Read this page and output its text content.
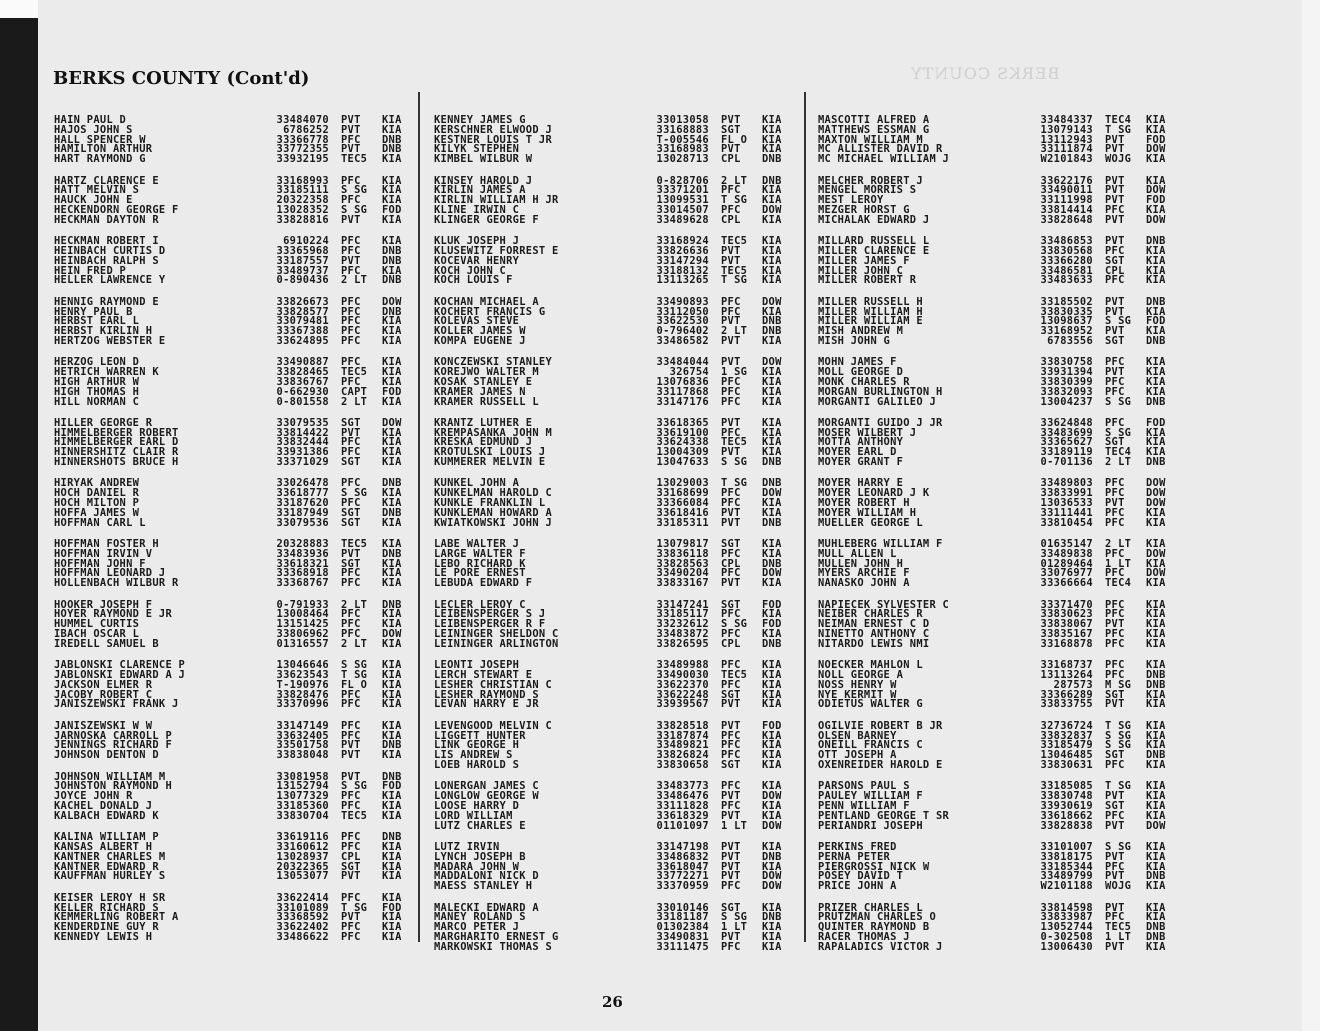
BERKS COUNTY (Cont'd)	BERKS COUNTY
HAIN PAUL D	33484070 PVT KIA
HAJOS JOHN S	6786252 PVT KIA
HALL SPENCER W	33366778 PFC DNB
HAMILTON ARTHUR	33772355 PVT DNB
HART RAYMOND G	33932195 TEC5 KIA
HARTZ CLARENCE E	33168993 PFC KIA
HATT MELVIN S	33185111 S SG KIA
HAUCK JOHN E	20322358 PFC KIA
HECKENDORN GEORGE F	13028352 S SG FOD
HECKMAN DAYTON R	33828816 PVT KIA
HECKMAN ROBERT I	6910224 PFC KIA
HEINBACH CURTIS D	33365968 PFC DNB
HEINBACH RALPH S	33187557 PVT DNB
HEIN FRED P	33489737 PFC KIA
HELLER LAWRENCE Y	0-890436 2 LT DNB
HENNIG RAYMOND E	33826673 PFC DOW
HENRY PAUL B	33828577 PFC DNB
HERBST EARL L	33079481 PFC KIA
HERBST KIRLIN H	33367388 PFC KIA
HERTZOG WEBSTER E	33624895 PFC KIA
HERZOG LEON D	33490887 PFC KIA
HETRICH WARREN K	33828465 TEC5 KIA
HIGH ARTHUR W	33836767 PFC KIA
HIGH THOMAS H	0-662930 CAPT FOD
HILL NORMAN C	0-801558 2 LT KIA
HILLER GEORGE R	33079535 SGT DOW
HIMMELBERGER ROBERT	33814422 PVT KIA
HIMMELBERGER EARL D	33832444 PFC KIA
HINNERSHITZ CLAIR R	33931386 PFC KIA
HINNERSHOTS BRUCE H	33371029 SGT KIA
HIRYAK ANDREW	33026478 PFC DNB
HOCH DANIEL R	33618777 S SG KIA
HOCH MILTON P	33187620 PFC KIA
HOFFA JAMES W	33187949 SGT DNB
HOFFMAN CARL L	33079536 SGT KIA
HOFFMAN FOSTER H	20328883 TEC5 KIA
HOFFMAN IRVIN V	33483936 PVT DNB
HOFFMAN JOHN F	33618321 SGT KIA
HOFFMAN LEONARD J	33368918 PFC KIA
HOLLENBACH WILBUR R	33368767 PFC KIA
HOOKER JOSEPH F	0-791933 2 LT DNB
HOYER RAYMOND E JR	13008464 PFC KIA
HUMMEL CURTIS	13151425 PFC KIA
IBACH OSCAR L	33806962 PFC DOW
IREDELL SAMUEL B	01316557 2 LT KIA
JABLONSKI CLARENCE P	13046646 S SG KIA
JABLONSKI EDWARD A J	33623543 T SG KIA
JACKSON ELMER R	T-190976 FL O KIA
JACOBY ROBERT C	33828476 PFC KIA
JANISZEWSKI FRANK J	33370996 PFC KIA
JANISZEWSKI W W	33147149 PFC KIA
JARNOSKA CARROLL P	33632405 PFC KIA
JENNINGS RICHARD F	33501758 PVT DNB
JOHNSON DENTON D	33838048 PVT KIA
JOHNSON WILLIAM M	33081958 PVT DNB
JOHNSTON RAYMOND H	13152794 S SG FOD
JOYCE JOHN R	13077329 PFC KIA
KACHEL DONALD J	33185360 PFC KIA
KALBACH EDWARD K	33830704 TEC5 KIA
KALINA WILLIAM P	33619116 PFC DNB
KANSAS ALBERT H	33160612 PFC KIA
KANTNER CHARLES M	13028937 CPL KIA
KANTNER EDWARD R	20322365 SGT KIA
KAUFFMAN HURLEY S	13053077 PVT KIA
KEISER LEROY H SR	33622414 PFC KIA
KELLER RICHARD S	33101089 T SG FOD
KEMMERLING ROBERT A	33368592 PVT KIA
KENDERDINE GUY R	33622402 PFC KIA
KENNEDY LEWIS H	33486622 PFC KIA
KENNEY JAMES G	33013058 PVT KIA
KERSCHNER ELWOOD J	33168883 SGT KIA
KESTNER LOUIS T JR	T-005546 FL O KIA
KILYK STEPHEN	33168983 PVT KIA
KIMBEL WILBUR W	13028713 CPL DNB
KINSEY HAROLD J	0-828706 2 LT DNB
KIRLIN JAMES A	33371201 PFC KIA
KIRLIN WILLIAM H JR	13099531 T SG KIA
KLINE IRWIN C	33014507 PFC DOW
KLINGER GEORGE F	33489628 CPL KIA
KLUK JOSEPH J	33168924 TEC5 KIA
KLUSEWITZ FORREST E	33826636 PVT KIA
KOCEVAR HENRY	33147294 PVT KIA
KOCH JOHN C	33188132 TEC5 KIA
KOCH LOUIS F	13113265 T SG KIA
KOCHAN MICHAEL A	33490893 PFC DOW
KOCHERT FRANCIS G	33112050 PFC KIA
KOLEVAS STEVE	33622530 PVT DNB
KOLLER JAMES W	0-796402 2 LT DNB
KOMPA EUGENE J	33486582 PVT KIA
KONCZEWSKI STANLEY	33484044 PVT DOW
KOREJWO WALTER M	326754 1 SG KIA
KOSAK STANLEY E	13076836 PFC KIA
KRAMER JAMES N	33117868 PFC KIA
KRAMER RUSSELL L	33147176 PFC KIA
KRANTZ LUTHER E	33618365 PVT KIA
KREMPASANKA JOHN M	33619100 PFC KIA
KRESKA EDMUND J	33624338 TEC5 KIA
KROTULSKI LOUIS J	13004309 PVT KIA
KUMMERER MELVIN E	13047633 S SG DNB
KUNKEL JOHN A	13029003 T SG DNB
KUNKELMAN HAROLD C	33168699 PFC DOW
KUNKLE FRANKLIN L	33366084 PFC KIA
KUNKLEMAN HOWARD A	33618416 PVT KIA
KWIATKOWSKI JOHN J	33185311 PVT DNB
LABE WALTER J	13079817 SGT KIA
LARGE WALTER F	33836118 PFC KIA
LEBO RICHARD K	33828563 CPL DNB
LE PORE ERNEST	33490204 PFC DOW
LEBUDA EDWARD F	33833167 PVT KIA
LECLER LEROY C	33147241 SGT FOD
LEIBENSPERGER S J	33185117 PFC KIA
LEIBENSPERGER R F	33232612 S SG FOD
LEININGER SHELDON C	33483872 PFC KIA
LEININGER ARLINGTON	33826595 CPL DNB
LEONTI JOSEPH	33489988 PFC KIA
LERCH STEWART E	33490030 TEC5 KIA
LESHER CHRISTIAN C	33622370 PFC KIA
LESHER RAYMOND S	33622248 SGT KIA
LEVAN HARRY E JR	33939567 PVT KIA
LEVENGOOD MELVIN C	33828518 PVT FOD
LIGGETT HUNTER	33187874 PFC KIA
LINK GEORGE H	33489821 PFC KIA
LIS ANDREW S	33826824 PFC KIA
LOEB HAROLD S	33830658 SGT KIA
LONERGAN JAMES C	33483773 PFC KIA
LONGLOW GEORGE W	33486476 PVT DOW
LOOSE HARRY D	33111828 PFC KIA
LORD WILLIAM	33618329 PVT KIA
LUTZ CHARLES E	01101097 1 LT DOW
LUTZ IRVIN	33147198 PVT KIA
LYNCH JOSEPH B	33486832 PVT DNB
MADARA JOHN W	33618047 PVT KIA
MADDALONI NICK D	33772271 PVT DOW
MAESS STANLEY H	33370959 PFC DOW
MALECKI EDWARD A	33010146 SGT KIA
MANEY ROLAND S	33181187 S SG DNB
MARCO PETER J	01302384 1 LT KIA
MARGHARITO ERNEST G	33490831 PVT KIA
MARKOWSKI THOMAS S	33111475 PFC KIA
MASCOTTI ALFRED A	33484337 TEC4 KIA
MATTHEWS ESSMAN G	13079143 T SG KIA
MAXTON WILLIAM M	13112943 PVT FOD
MC ALLISTER DAVID R	33111874 PVT DOW
MC MICHAEL WILLIAM J	W2101843 WOJG KIA
MELCHER ROBERT J	33622176 PVT KIA
MENGEL MORRIS S	33490011 PVT DOW
MEST LEROY	33111998 PVT FOD
MEZGER HORST G	33814414 PFC KIA
MICHALAK EDWARD J	33828648 PVT DOW
MILLARD RUSSELL L	33486853 PVT DNB
MILLER CLARENCE E	33830568 PFC KIA
MILLER JAMES F	33366280 SGT KIA
MILLER JOHN C	33486581 CPL KIA
MILLER ROBERT R	33483633 PFC KIA
MILLER RUSSELL H	33185502 PVT DNB
MILLER WILLIAM H	33830335 PVT KIA
MILLER WILLIAM E	13098637 S SG FOD
MISH ANDREW M	33168952 PVT KIA
MISH JOHN G	6783556 SGT DNB
MOHN JAMES F	33830758 PFC KIA
MOLL GEORGE D	33931394 PVT KIA
MONK CHARLES R	33830399 PFC KIA
MORGAN BURLINGTON H	33832093 PFC KIA
MORGANTI GALILEO J	13004237 S SG DNB
MORGANTI GUIDO J JR	33624848 PFC FOD
MOSER WILBERT J	33483699 S SG KIA
MOTTA ANTHONY	33365627 SGT KIA
MOYER EARL D	33189119 TEC4 KIA
MOYER GRANT F	0-701136 2 LT DNB
MOYER HARRY E	33489803 PFC DOW
MOYER LEONARD J K	33833991 PFC DOW
MOYER ROBERT H	13036533 PVT DOW
MOYER WILLIAM H	33111441 PFC KIA
MUELLER GEORGE L	33810454 PFC KIA
MUHLEBERG WILLIAM F	01635147 2 LT KIA
MULL ALLEN L	33489838 PFC DOW
MULLEN JOHN H	01289464 1 LT KIA
MYERS ARCHIE F	33076977 PFC DOW
NANASKO JOHN A	33366664 TEC4 KIA
NAPIECEK SYLVESTER C	33371470 PFC KIA
NEIBER CHARLES R	33830623 PFC KIA
NEIMAN ERNEST C D	33838067 PVT KIA
NINETTO ANTHONY C	33835167 PFC KIA
NITARDO LEWIS NMI	33168878 PFC KIA
NOECKER MAHLON L	33168737 PFC KIA
NOLL GEORGE A	13113264 PFC DNB
NOSS HENRY W	287573 M SG DNB
NYE KERMIT W	33366289 SGT KIA
ODIETUS WALTER G	33833755 PVT KIA
OGILVIE ROBERT B JR	32736724 T SG KIA
OLSEN BARNEY	33832837 S SG KIA
ONEILL FRANCIS C	33185479 S SG KIA
OTT JOSEPH A	13046485 SGT DNB
OXENREIDER HAROLD E	33830631 PFC KIA
PARSONS PAUL S	33185085 T SG KIA
PAULEY WILLIAM F	33830748 PVT KIA
PENN WILLIAM F	33930619 SGT KIA
PENTLAND GEORGE T SR	33618662 PFC KIA
PERIANDRI JOSEPH	33828838 PVT DOW
PERKINS FRED	33101007 S SG KIA
PERNA PETER	33818175 PVT KIA
PIERGROSSI NICK W	33185344 PFC KIA
POSEY DAVID T	33489799 PVT DNB
PRICE JOHN A	W2101188 WOJG KIA
PRIZER CHARLES L	33814598 PVT KIA
PRUTZMAN CHARLES O	33833987 PFC KIA
QUINTER RAYMOND B	13052744 TEC5 DNB
RACER THOMAS J	0-302508 1 LT DNB
RAPALADICS VICTOR J	13006430 PVT KIA
26
